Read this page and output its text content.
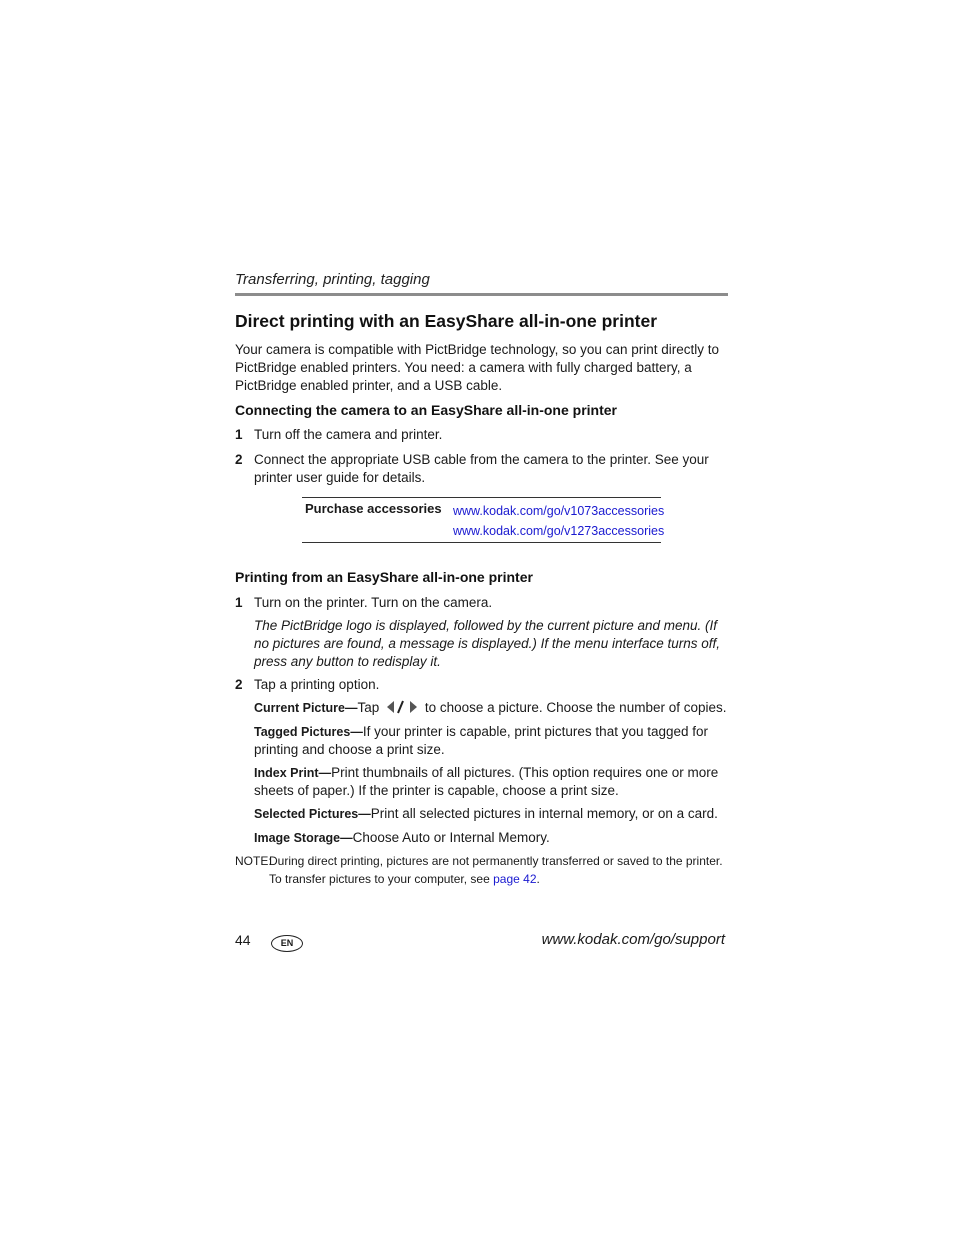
Transferring, printing, tagging
Direct printing with an EasyShare all-in-one printer
Your camera is compatible with PictBridge technology, so you can print directly to PictBridge enabled printers. You need: a camera with fully charged battery, a PictBridge enabled printer, and a USB cable.
Connecting the camera to an EasyShare all-in-one printer
1 Turn off the camera and printer.
2 Connect the appropriate USB cable from the camera to the printer. See your printer user guide for details.
Purchase accessories www.kodak.com/go/v1073accessories
www.kodak.com/go/v1273accessories
Printing from an EasyShare all-in-one printer
1 Turn on the printer. Turn on the camera.
The PictBridge logo is displayed, followed by the current picture and menu. (If no pictures are found, a message is displayed.) If the menu interface turns off, press any button to redisplay it.
2 Tap a printing option.
Current Picture—Tap	to choose a picture. Choose the number of copies.
Tagged Pictures—If your printer is capable, print pictures that you tagged for printing and choose a print size.
Index Print—Print thumbnails of all pictures. (This option requires one or more sheets of paper.) If the printer is capable, choose a print size.
Selected Pictures—Print all selected pictures in internal memory, or on a card.
Image Storage—Choose Auto or Internal Memory.
NOTE:
During direct printing, pictures are not permanently transferred or saved to the printer. To transfer pictures to your computer, see page 42.
44	EN	www.kodak.com/go/support
